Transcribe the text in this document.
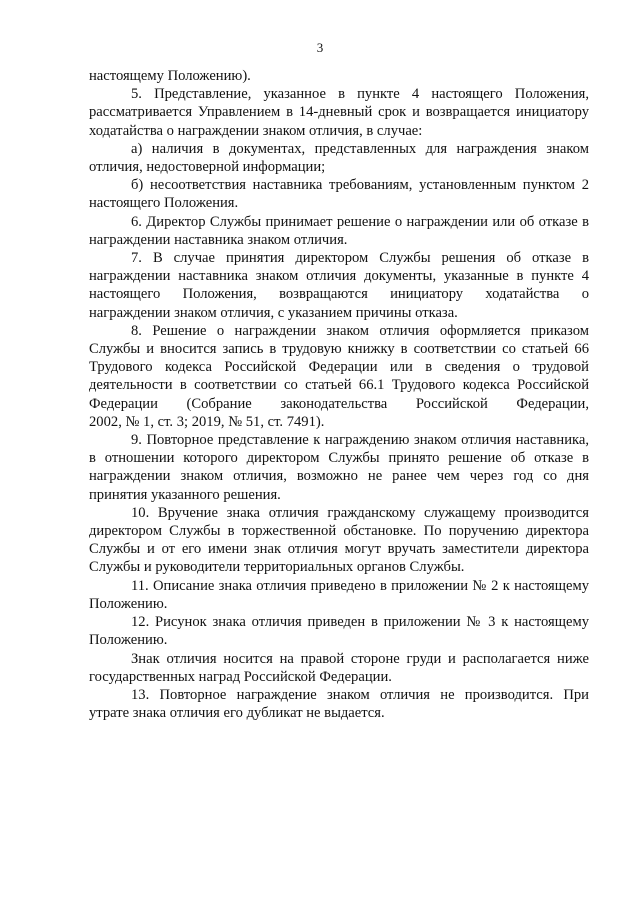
3

настоящему Положению).

5. Представление, указанное в пункте 4 настоящего Положения,
рассматривается Управлением в 14-дневный срок и возвращается инициатору
ходатайства о награждении знаком отличия, в случае:

а) наличия в документах, представленных для награждения знаком
отличия, недостоверной информации;

б) несоответствия наставника требованиям, установленным пунктом 2
настоящего Положения.

6. Директор Службы принимает решение о награждении или об отказе в
награждении наставника знаком отличия.

7. В случае принятия директором Службы решения об отказе в
награждении наставника знаком отличия документы, указанные в пункте 4
настоящего Положения, возвращаются инициатору ходатайства о
награждении знаком отличия, с указанием причины отказа.

8. Решение о награждении знаком отличия оформляется приказом
Службы и вносится запись в трудовую книжку в соответствии со статьей 66
Трудового кодекса Российской Федерации или в сведения о трудовой
деятельности в соответствии со статьей 66.1 Трудового кодекса Российской
Федерации (Собрание законодательства Российской Федерации,
2002, № 1, ст. 3; 2019, № 51, ст. 7491).

9. Повторное представление к награждению знаком отличия наставника,
в отношении которого директором Службы принято решение об отказе в
награждении знаком отличия, возможно не ранее чем через год со дня
принятия указанного решения.

10. Вручение знака отличия гражданскому служащему производится
директором Службы в торжественной обстановке. По поручению директора
Службы и от его имени знак отличия могут вручать заместители директора
Службы и руководители территориальных органов Службы.

11. Описание знака отличия приведено в приложении № 2 к настоящему
Положению.

12. Рисунок знака отличия приведен в приложении № 3 к настоящему
Положению.

Знак отличия носится на правой стороне груди и располагается ниже
государственных наград Российской Федерации.

13. Повторное награждение знаком отличия не производится. При
утрате знака отличия его дубликат не выдается.
